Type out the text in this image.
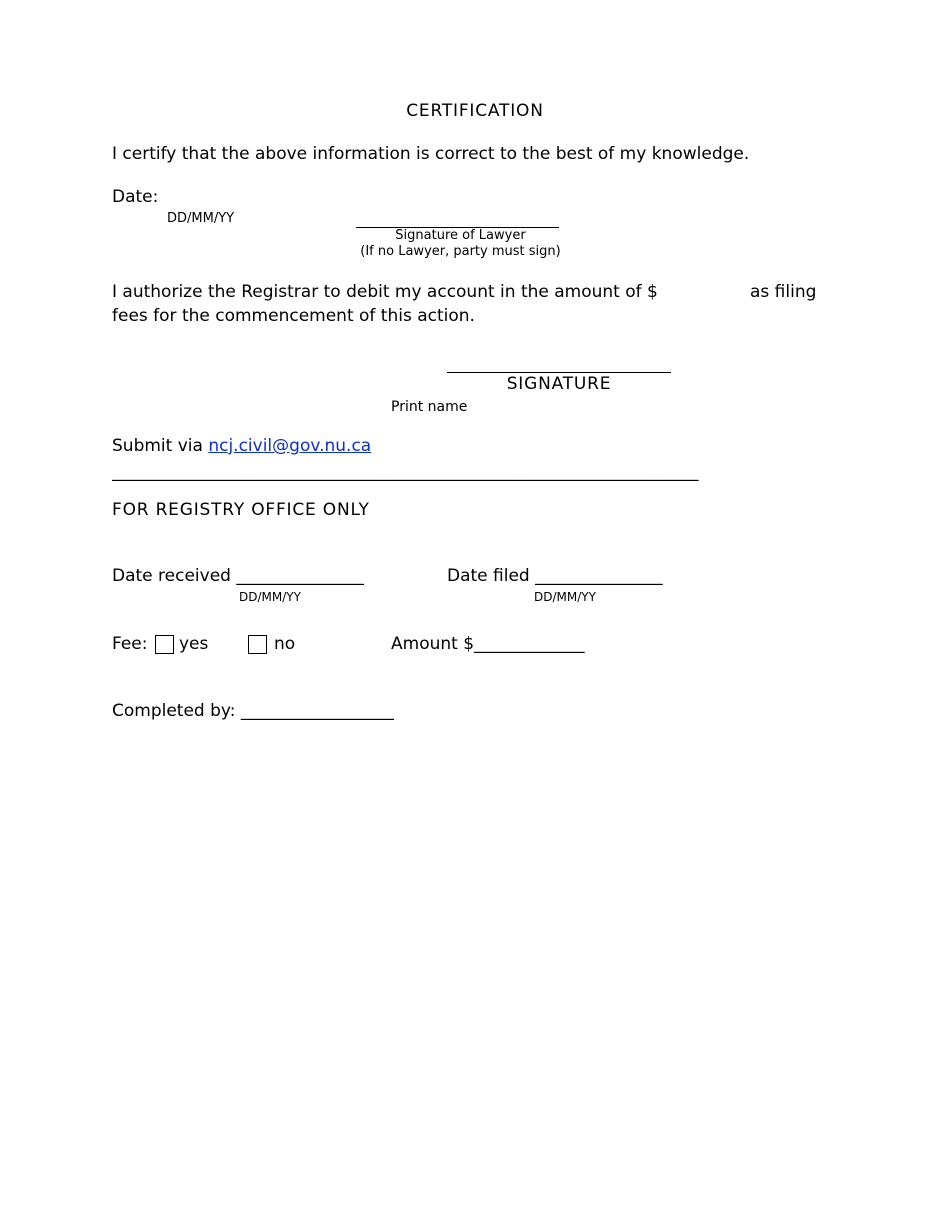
CERTIFICATION
I certify that the above information is correct to the best of my knowledge.
Date:
DD/MM/YY
Signature of Lawyer
(If no Lawyer, party must sign)
I authorize the Registrar to debit my account in the amount of $	as filing
fees for the commencement of this action.
SIGNATURE
Print name
Submit via ncj.civil@gov.nu.ca
_____________________________________________________________________
FOR REGISTRY OFFICE ONLY
Date received _______________
DD/MM/YY
Date filed _______________
DD/MM/YY
Fee: yes	no	Amount $_____________
Completed by: __________________
